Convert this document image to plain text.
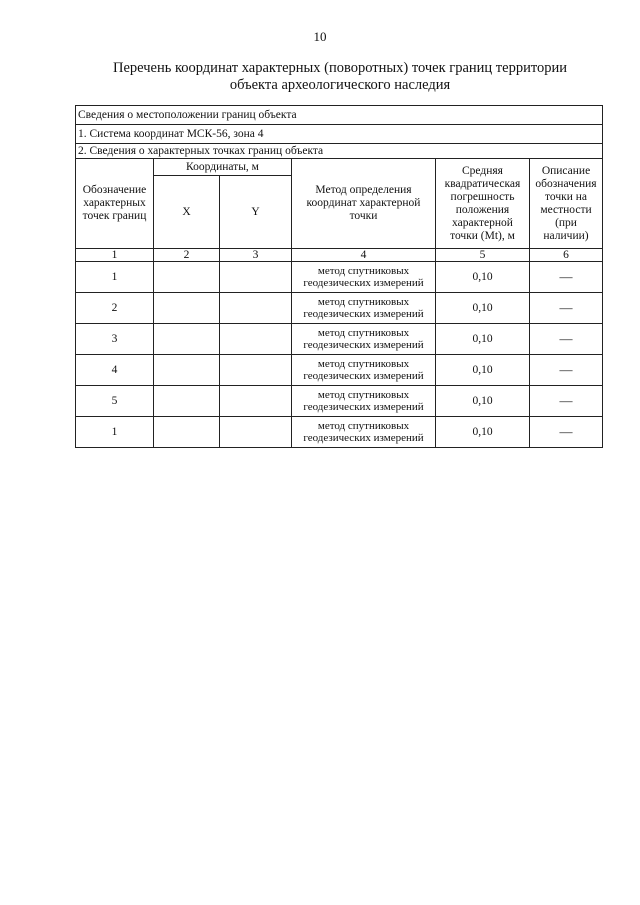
10
Перечень координат характерных (поворотных) точек границ территории
объекта археологического наследия
Сведения о местоположении границ объекта					
1. Система координат МСК-56, зона 4					
2. Сведения о характерных точках границ объекта					
Обозначение характерных точек границ	Координаты, м		Метод определения координат характерной точки	Средняя квадратическая погрешность положения характерной точки (Mt), м	Описание обозначения точки на местности (при наличии)
	X	Y			
1	2	3	4	5	6
1			метод спутниковых геодезических измерений	0,10	—
2			метод спутниковых геодезических измерений	0,10	—
3			метод спутниковых геодезических измерений	0,10	—
4			метод спутниковых геодезических измерений	0,10	—
5			метод спутниковых геодезических измерений	0,10	—
1			метод спутниковых геодезических измерений	0,10	—
